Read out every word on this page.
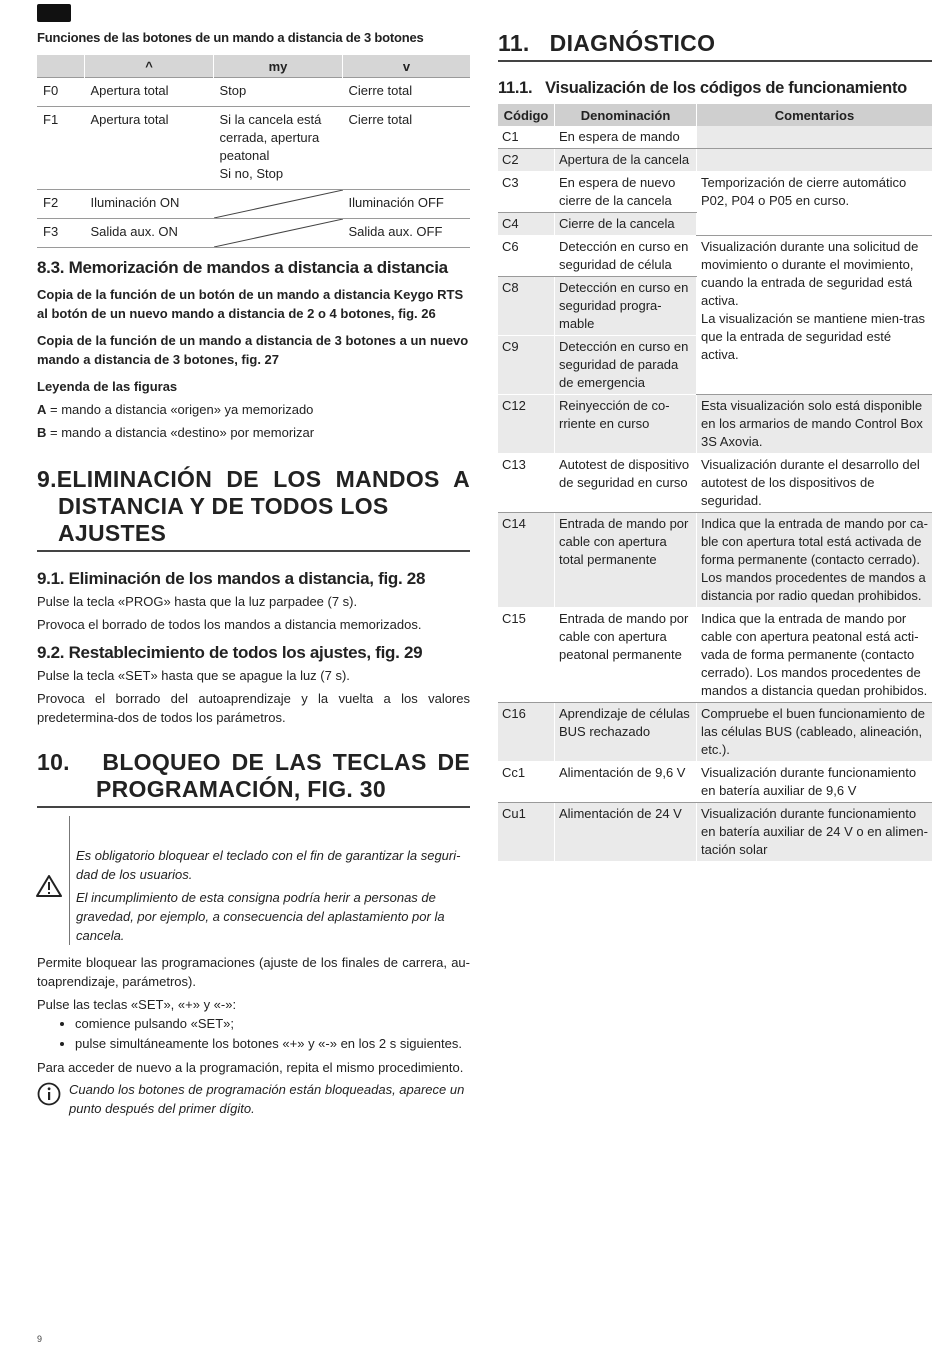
Funciones de las botones de un mando a distancia de 3 botones
	^	my	v
F0	Apertura total	Stop	Cierre total
F1	Apertura total	Si la cancela está
cerrada, apertura
peatonal
Si no, Stop	Cierre total
F2	Iluminación ON		Iluminación OFF
F3	Salida aux. ON		Salida aux. OFF
8.3. Memorización de mandos a distancia a distancia

Copia de la función de un botón de un mando a distancia Keygo RTS al botón de un nuevo mando a distancia de 2 o 4 botones, fig. 26

Copia de la función de un mando a distancia de 3 botones a un nuevo mando a distancia de 3 botones, fig. 27

Leyenda de las figuras

A = mando a distancia «origen» ya memorizado

B = mando a distancia «destino» por memorizar

9.ELIMINACIÓN DE LOS MANDOS A
DISTANCIA Y DE TODOS LOS AJUSTES
9.1. Eliminación de los mandos a distancia, fig. 28

Pulse la tecla «PROG» hasta que la luz parpadee (7 s).

Provoca el borrado de todos los mandos a distancia memorizados.

9.2. Restablecimiento de todos los ajustes, fig. 29

Pulse la tecla «SET» hasta que se apague la luz (7 s).

Provoca el borrado del autoaprendizaje y la vuelta a los valores predetermina-dos de todos los parámetros.

10.   BLOQUEO DE LAS TECLAS DE
PROGRAMACIÓN, FIG. 30

Es obligatorio bloquear el teclado con el fin de garantizar la seguri-dad de los usuarios.

El incumplimiento de esta consigna podría herir a personas de gravedad, por ejemplo, a consecuencia del aplastamiento por la cancela.

Permite bloquear las programaciones (ajuste de los finales de carrera, au-toaprendizaje, parámetros).

Pulse las teclas «SET», «+» y «-»:

• comience pulsando «SET»;
• pulse simultáneamente los botones «+» y «-» en los 2 s siguientes.

Para acceder de nuevo a la programación, repita el mismo procedimiento.

Cuando los botones de programación están bloqueadas, aparece un punto después del primer dígito.

11.   DIAGNÓSTICO
11.1.   Visualización de los códigos de funcionamiento
Código	Denominación	Comentarios
C1	En espera de mando	
C2	Apertura de la cancela	
C3	En espera de nuevo cierre de la cancela	Temporización de cierre automático P02, P04 o P05 en curso.
C4	Cierre de la cancela	
C6	Detección en curso en seguridad de célula	Visualización durante una solicitud de movimiento o durante el movimiento, cuando la entrada de seguridad está activa.
La visualización se mantiene mien-tras que la entrada de seguridad esté activa.
C8	Detección en curso en seguridad progra-mable	
C9	Detección en curso en seguridad de parada de emergencia	
C12	Reinyección de co-rriente en curso	Esta visualización solo está disponible en los armarios de mando Control Box 3S Axovia.
C13	Autotest de dispositivo de seguridad en curso	Visualización durante el desarrollo del autotest de los dispositivos de seguridad.
C14	Entrada de mando por cable con apertura total permanente	Indica que la entrada de mando por ca-ble con apertura total está activada de forma permanente (contacto cerrado). Los mandos procedentes de mandos a distancia por radio quedan prohibidos.
C15	Entrada de mando por cable con apertura peatonal permanente	Indica que la entrada de mando por cable con apertura peatonal está acti-vada de forma permanente (contacto cerrado). Los mandos procedentes de mandos a distancia quedan prohibidos.
C16	Aprendizaje de células BUS rechazado	Compruebe el buen funcionamiento de las células BUS (cableado, alineación, etc.).
Cc1	Alimentación de 9,6 V	Visualización durante funcionamiento en batería auxiliar de 9,6 V
Cu1	Alimentación de 24 V	Visualización durante funcionamiento en batería auxiliar de 24 V o en alimen-tación solar
9
